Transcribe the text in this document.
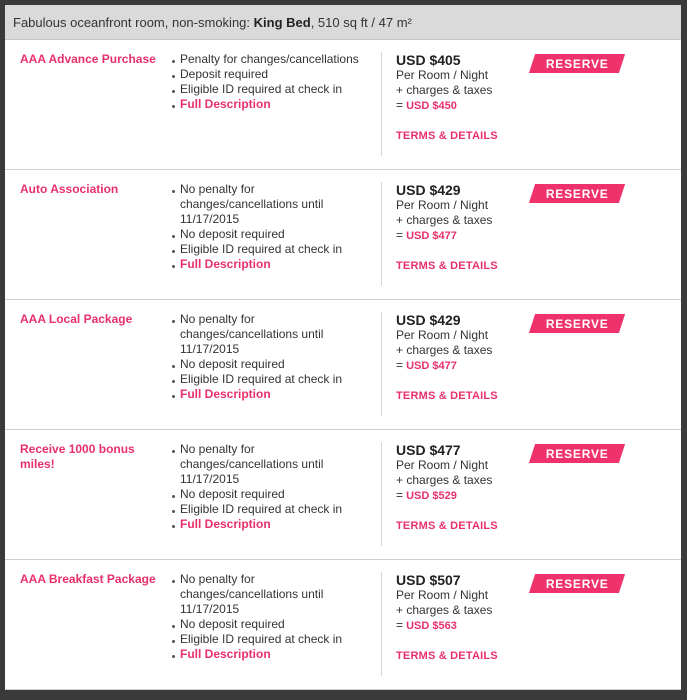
Fabulous oceanfront room, non-smoking: King Bed, 510 sq ft / 47 m²
AAA Advance Purchase	Penalty for changes/cancellations
Deposit required
Eligible ID required at check in
Full Description
USD $405
Per Room / Night
+ charges & taxes
= USD $450
TERMS & DETAILS
RESERVE
Auto Association	No penalty for changes/cancellations until 11/17/2015
No deposit required
Eligible ID required at check in
Full Description
USD $429
Per Room / Night
+ charges & taxes
= USD $477
TERMS & DETAILS
RESERVE
AAA Local Package	No penalty for changes/cancellations until 11/17/2015
No deposit required
Eligible ID required at check in
Full Description
USD $429
Per Room / Night
+ charges & taxes
= USD $477
TERMS & DETAILS
RESERVE
Receive 1000 bonus miles!
No penalty for changes/cancellations until 11/17/2015
No deposit required
Eligible ID required at check in
Full Description
USD $477
Per Room / Night
+ charges & taxes
= USD $529
TERMS & DETAILS
RESERVE
AAA Breakfast Package	No penalty for changes/cancellations until 11/17/2015
No deposit required
Eligible ID required at check in
Full Description
USD $507
Per Room / Night
+ charges & taxes
= USD $563
TERMS & DETAILS
RESERVE
